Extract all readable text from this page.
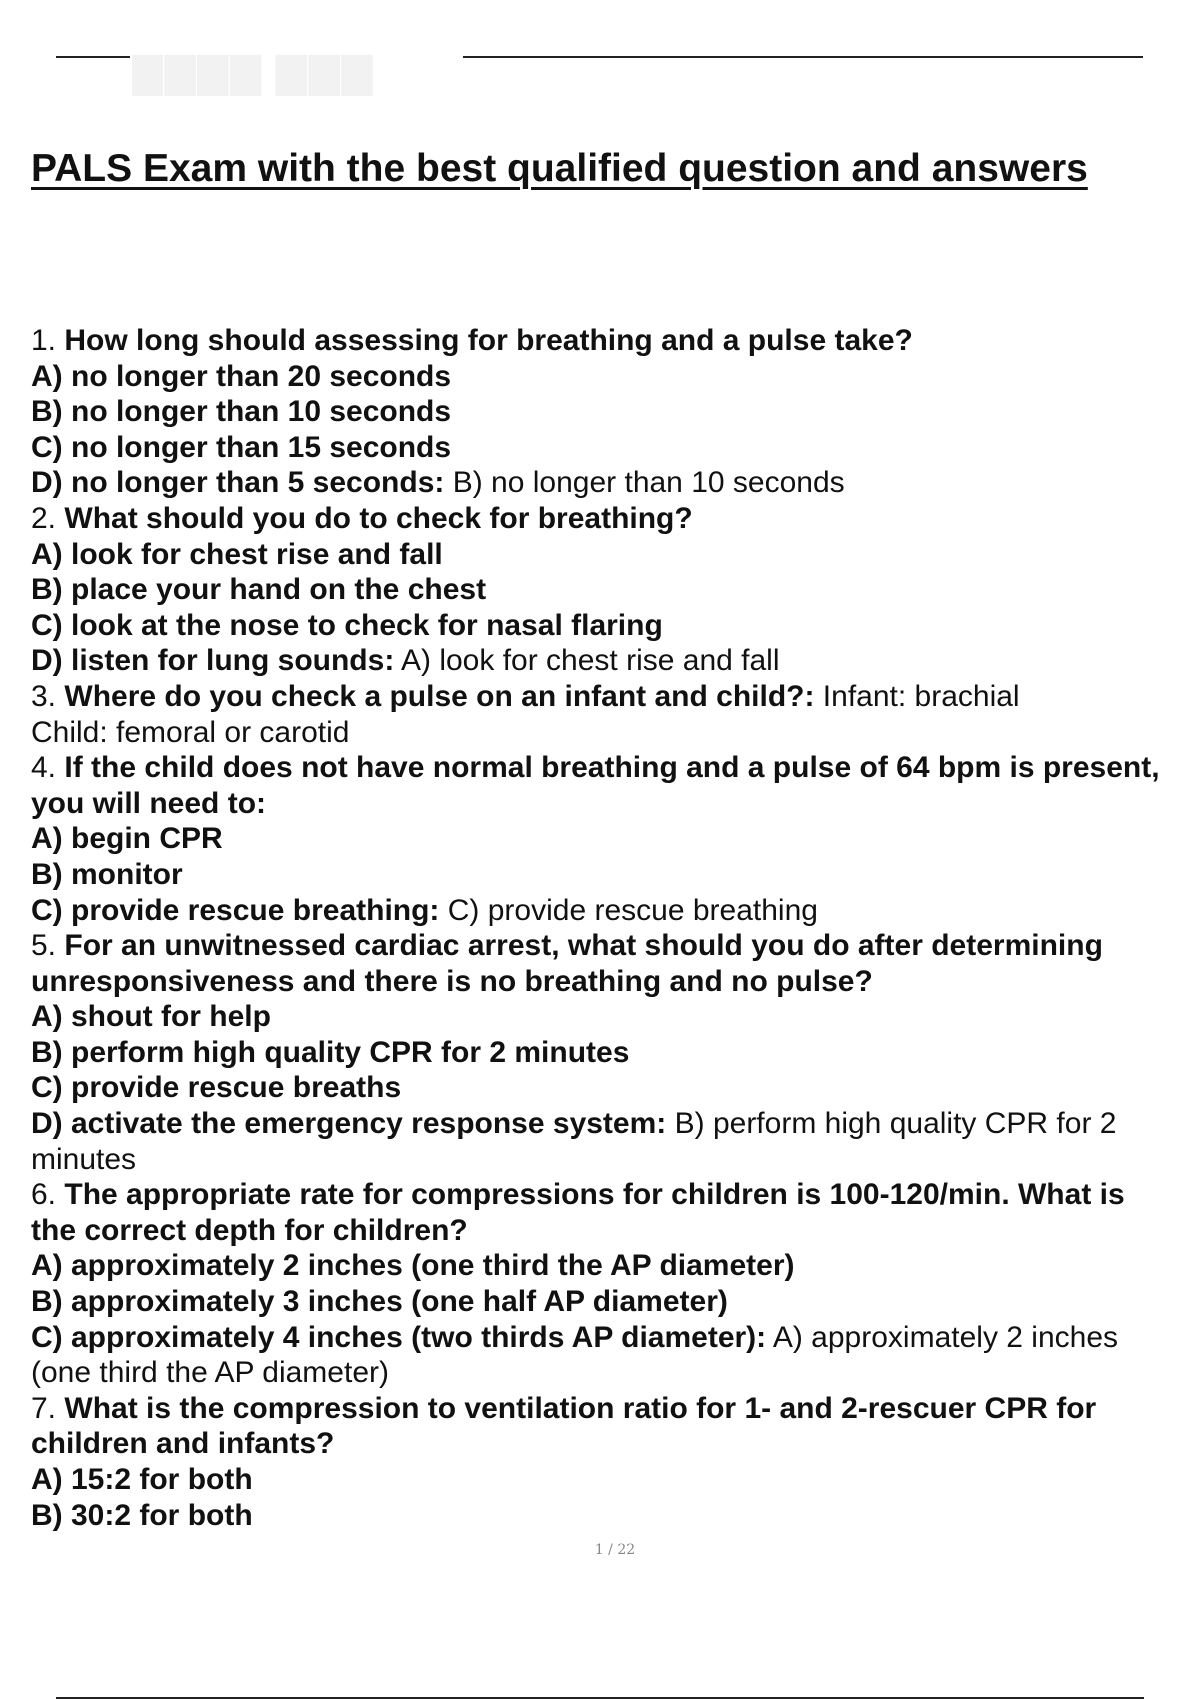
▇▇▇▇ ▇▇▇
PALS Exam with the best qualified question and answers
1. How long should assessing for breathing and a pulse take?
A) no longer than 20 seconds
B) no longer than 10 seconds
C) no longer than 15 seconds
D) no longer than 5 seconds: B) no longer than 10 seconds
2. What should you do to check for breathing?
A) look for chest rise and fall
B) place your hand on the chest
C) look at the nose to check for nasal flaring
D) listen for lung sounds: A) look for chest rise and fall
3. Where do you check a pulse on an infant and child?: Infant: brachial
Child: femoral or carotid
4. If the child does not have normal breathing and a pulse of 64 bpm is present,
you will need to:
A) begin CPR
B) monitor
C) provide rescue breathing: C) provide rescue breathing
5. For an unwitnessed cardiac arrest, what should you do after determining
unresponsiveness and there is no breathing and no pulse?
A) shout for help
B) perform high quality CPR for 2 minutes
C) provide rescue breaths
D) activate the emergency response system: B) perform high quality CPR for 2
minutes
6. The appropriate rate for compressions for children is 100-120/min. What is
the correct depth for children?
A) approximately 2 inches (one third the AP diameter)
B) approximately 3 inches (one half AP diameter)
C) approximately 4 inches (two thirds AP diameter): A) approximately 2 inches
(one third the AP diameter)
7. What is the compression to ventilation ratio for 1- and 2-rescuer CPR for
children and infants?
A) 15:2 for both
B) 30:2 for both
1 / 22
